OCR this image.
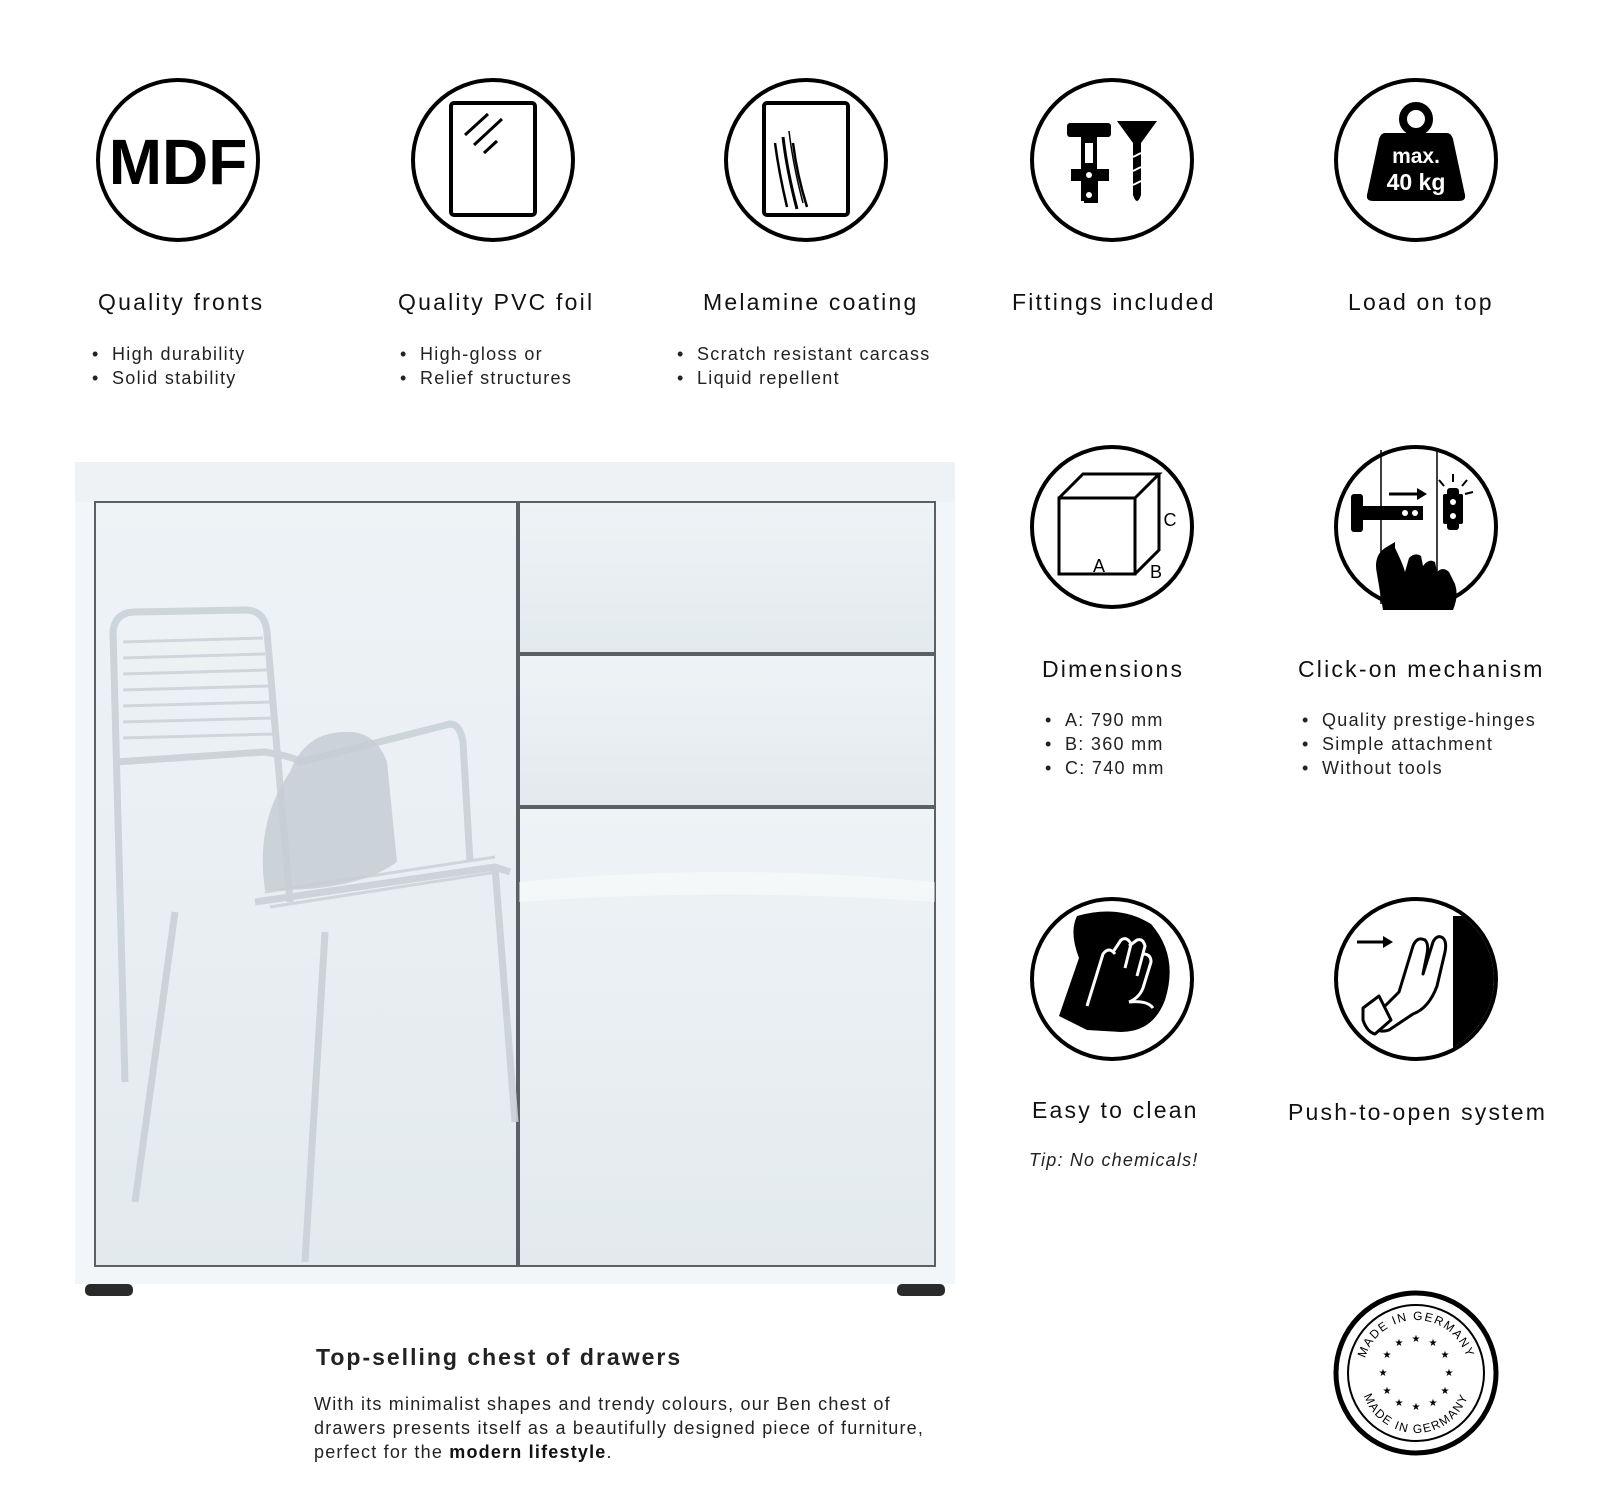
MDF	max.
40 kg
Quality fronts
• High durability
• Solid stability
Quality PVC foil
• High-gloss or
• Relief structures
Melamine coating
• Scratch resistant carcass
• Liquid repellent
Fittings included	Load on top
A B
C
Dimensions
• A: 790 mm
• B: 360 mm
• C: 740 mm
Click-on mechanism
• Quality prestige-hinges
• Simple attachment
• Without tools
Easy to clean
Tip: No chemicals!
Push-to-open system
MADE IN GERMANY
MADE IN GERMANY
★ ★
★
★
★
★
★
★
★
★
★
★
Top-selling chest of drawers
With its minimalist shapes and trendy colours, our Ben chest of drawers presents itself as a beautifully designed piece of furniture, perfect for the modern lifestyle.
